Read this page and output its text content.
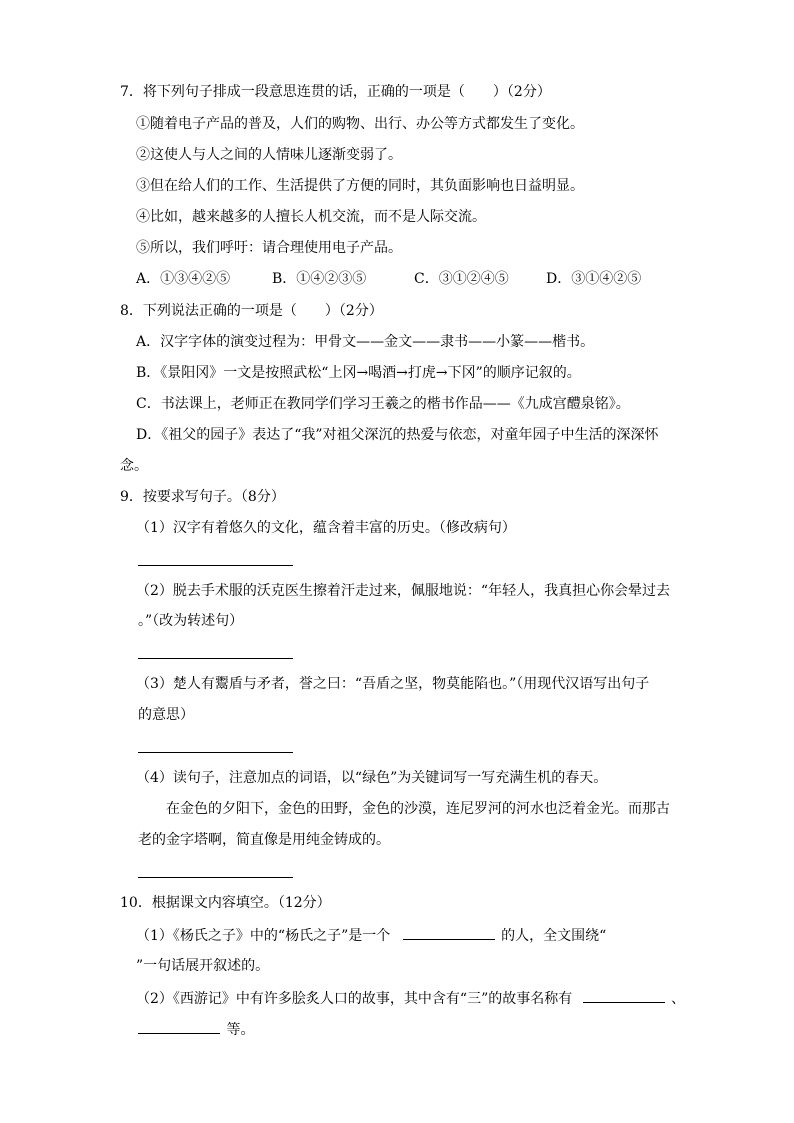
7．将下列句子排成一段意思连贯的话，正确的一项是（　　）（2分）
①随着电子产品的普及，人们的购物、出行、办公等方式都发生了变化。
②这使人与人之间的人情味儿逐渐变弱了。
③但在给人们的工作、生活提供了方便的同时，其负面影响也日益明显。
④比如，越来越多的人擅长人机交流，而不是人际交流。
⑤所以，我们呼吁：请合理使用电子产品。
A．①③④②⑤	B．①④②③⑤	C．③①②④⑤	D．③①④②⑤
8．下列说法正确的一项是（　　）（2分）
A．汉字字体的演变过程为：甲骨文——金文——隶书——小篆——楷书。
B．《景阳冈》一文是按照武松“上冈→喝酒→打虎→下冈”的顺序记叙的。
C．书法课上，老师正在教同学们学习王羲之的楷书作品——《九成宫醴泉铭》。
D．《祖父的园子》表达了“我”对祖父深沉的热爱与依恋，对童年园子中生活的深深怀
念。
9．按要求写句子。（8分）
（1）汉字有着悠久的文化，蕴含着丰富的历史。（修改病句）
（2）脱去手术服的沃克医生擦着汗走过来，佩服地说：“年轻人，我真担心你会晕过去
。”（改为转述句）
（3）楚人有鬻盾与矛者，誉之曰：“吾盾之坚，物莫能陷也。”（用现代汉语写出句子
的意思）
（4）读句子，注意加点的词语，以“绿色”为关键词写一写充满生机的春天。
在金色的夕阳下，金色的田野，金色的沙漠，连尼罗河的河水也泛着金光。而那古
老的金字塔啊，简直像是用纯金铸成的。
10．根据课文内容填空。（12分）
（1）《杨氏之子》中的“杨氏之子”是一个	的人，全文围绕“
”一句话展开叙述的。
（2）《西游记》中有许多脍炙人口的故事，其中含有“三”的故事名称有	、
等。
